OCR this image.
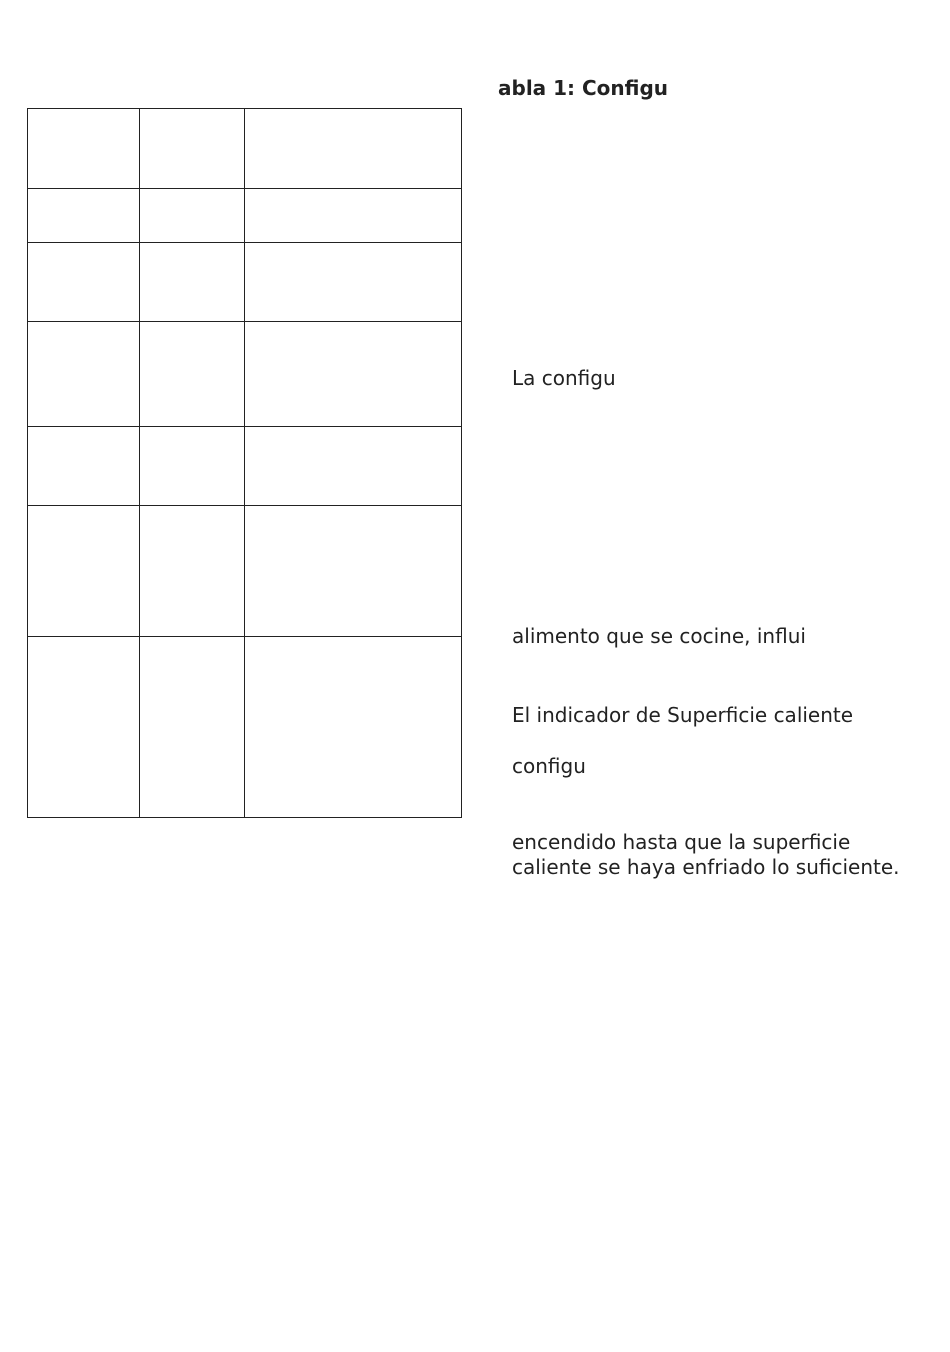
abla 1: Configu

La configu
alimento que se cocine, influi
El indicador de Superficie caliente
configu
encendido hasta que la superficie
caliente se haya enfriado lo suficiente.
